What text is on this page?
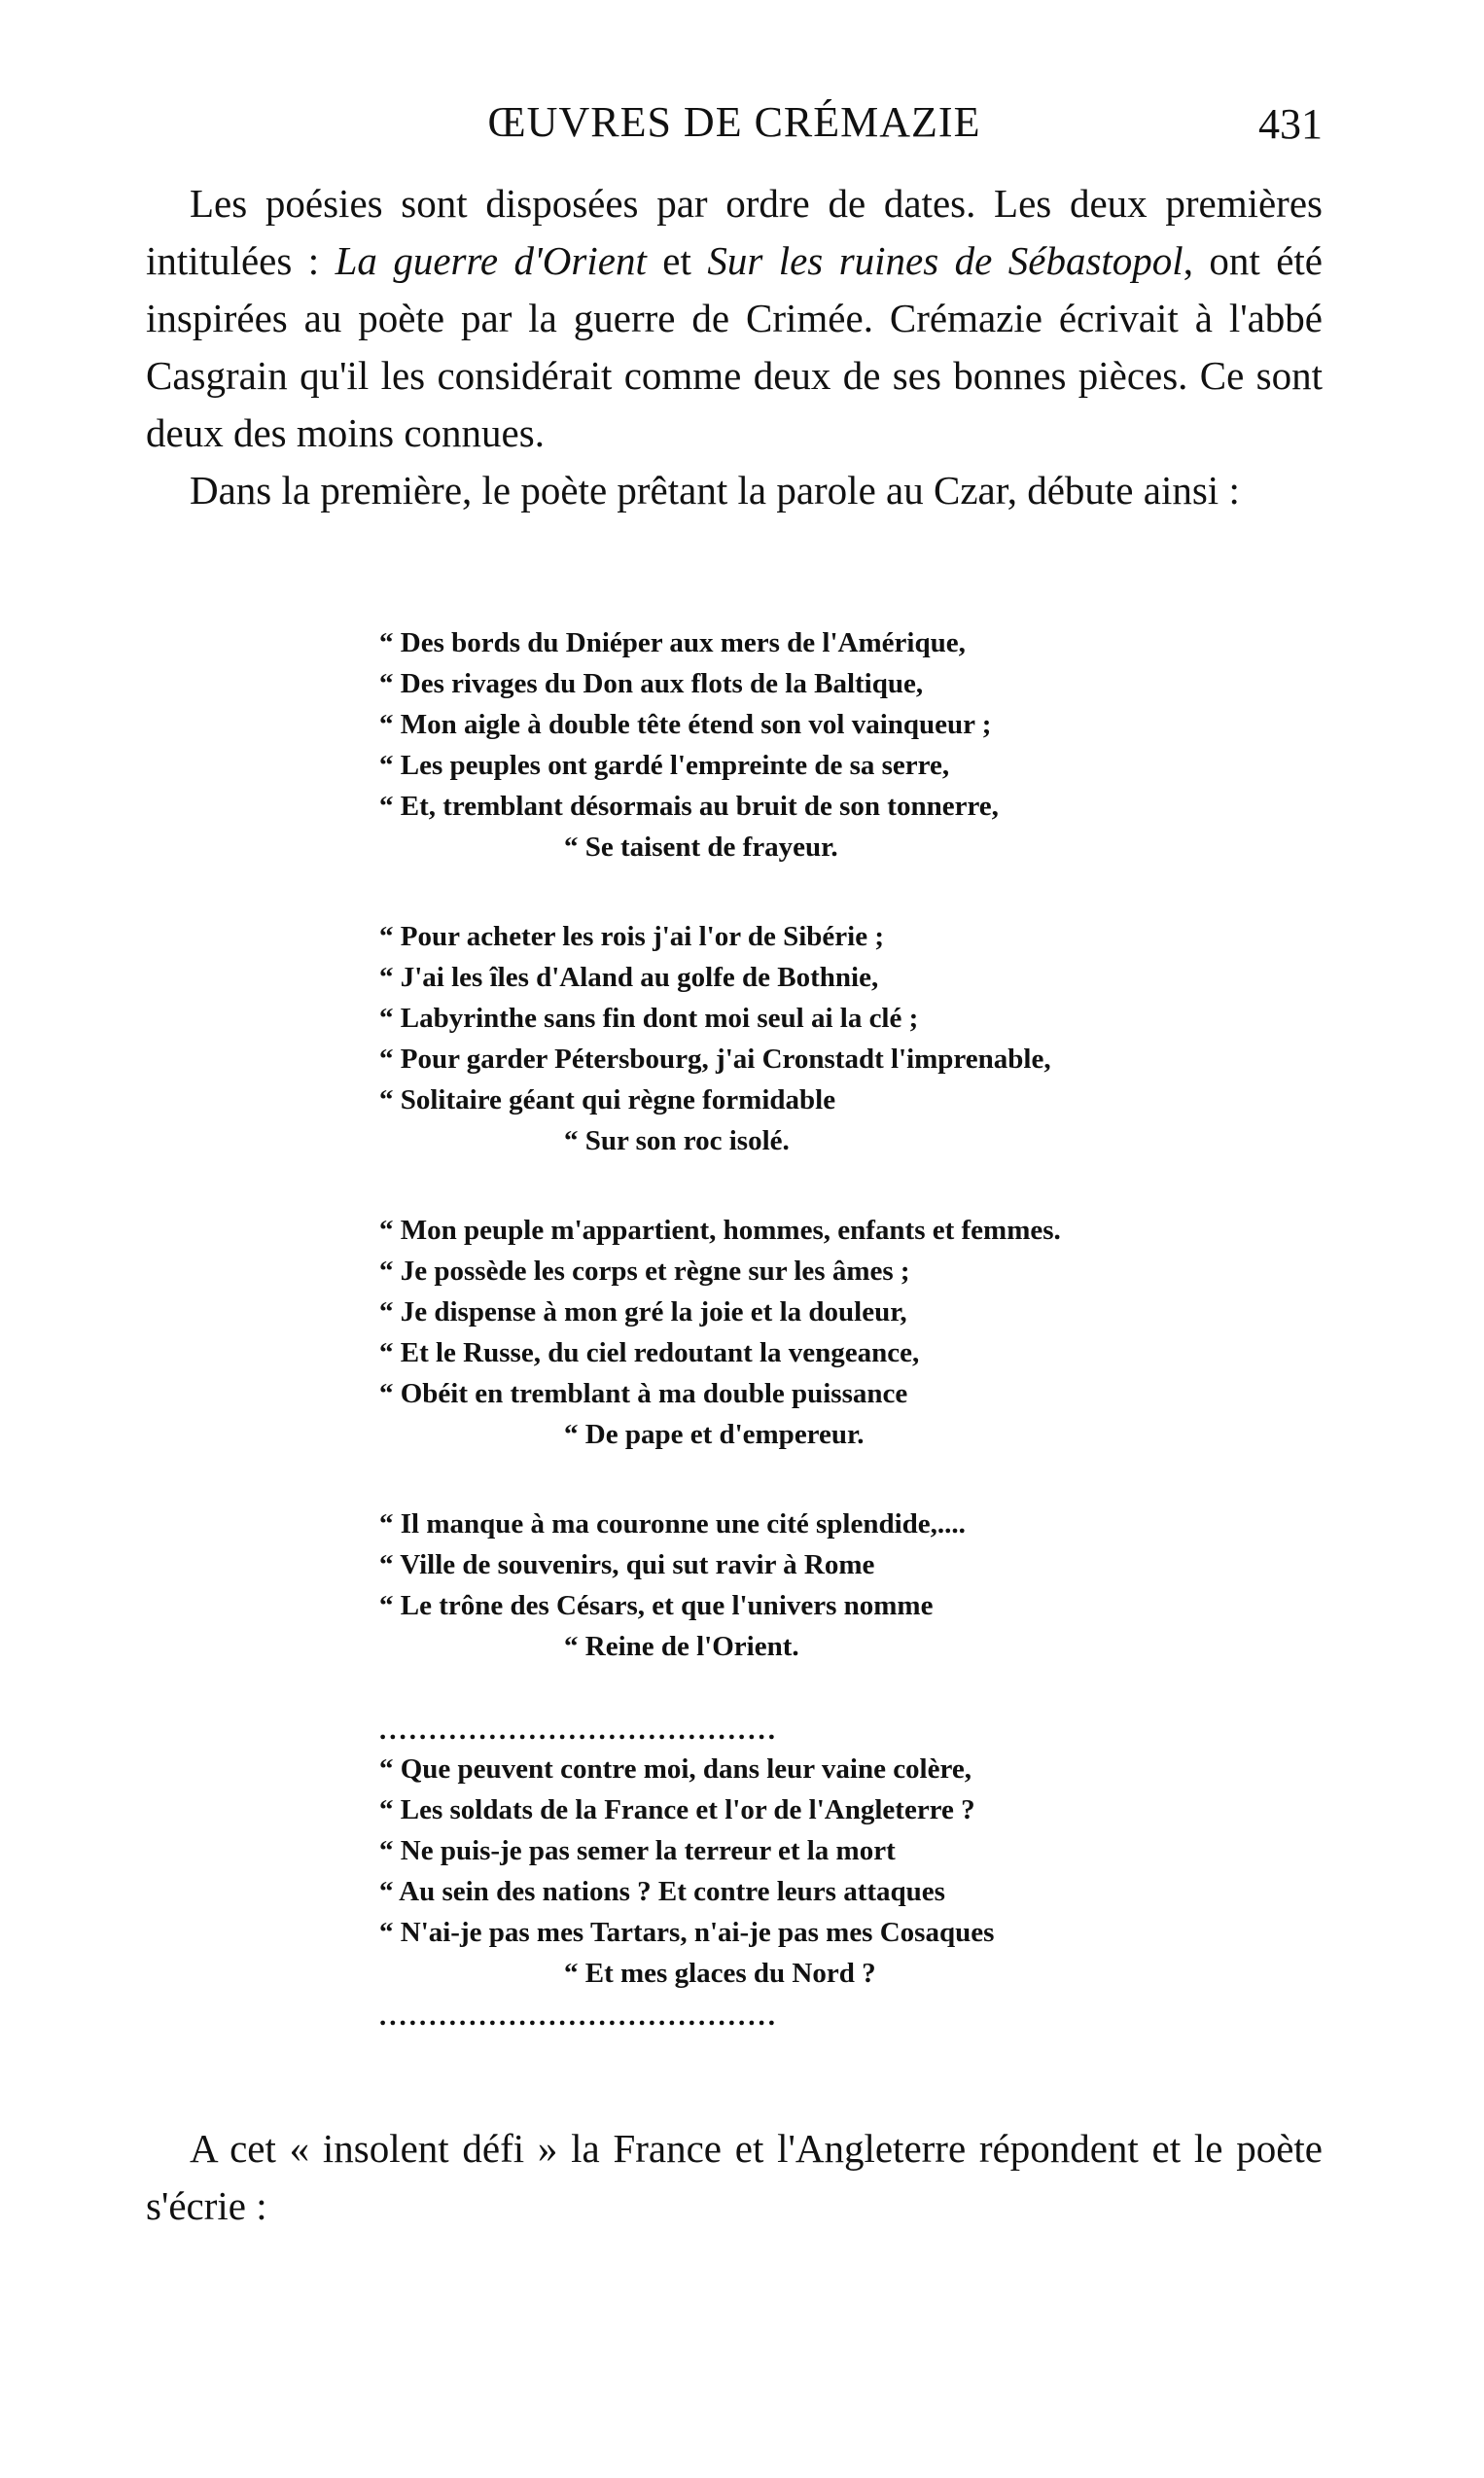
ŒUVRES DE CRÉMAZIE	431

Les poésies sont disposées par ordre de dates. Les deux premières intitulées : La guerre d'Orient et Sur les ruines de Sébastopol, ont été inspirées au poète par la guerre de Crimée. Crémazie écrivait à l'abbé Casgrain qu'il les considérait comme deux de ses bonnes pièces. Ce sont deux des moins connues.

Dans la première, le poète prêtant la parole au Czar, débute ainsi :

“ Des bords du Dniéper aux mers de l'Amérique,
“ Des rivages du Don aux flots de la Baltique,
“ Mon aigle à double tête étend son vol vainqueur ;
“ Les peuples ont gardé l'empreinte de sa serre,
“ Et, tremblant désormais au bruit de son tonnerre,
“ Se taisent de frayeur.
“ Pour acheter les rois j'ai l'or de Sibérie ;
“ J'ai les îles d'Aland au golfe de Bothnie,
“ Labyrinthe sans fin dont moi seul ai la clé ;
“ Pour garder Pétersbourg, j'ai Cronstadt l'imprenable,
“ Solitaire géant qui règne formidable
“ Sur son roc isolé.
“ Mon peuple m'appartient, hommes, enfants et femmes.
“ Je possède les corps et règne sur les âmes ;
“ Je dispense à mon gré la joie et la douleur,
“ Et le Russe, du ciel redoutant la vengeance,
“ Obéit en tremblant à ma double puissance
“ De pape et d'empereur.
“ Il manque à ma couronne une cité splendide,....
“ Ville de souvenirs, qui sut ravir à Rome
“ Le trône des Césars, et que l'univers nomme
“ Reine de l'Orient.
........................................
“ Que peuvent contre moi, dans leur vaine colère,
“ Les soldats de la France et l'or de l'Angleterre ?
“ Ne puis-je pas semer la terreur et la mort
“ Au sein des nations ? Et contre leurs attaques
“ N'ai-je pas mes Tartars, n'ai-je pas mes Cosaques
“ Et mes glaces du Nord ?
........................................

A cet « insolent défi » la France et l'Angleterre répondent et le poète s'écrie :
